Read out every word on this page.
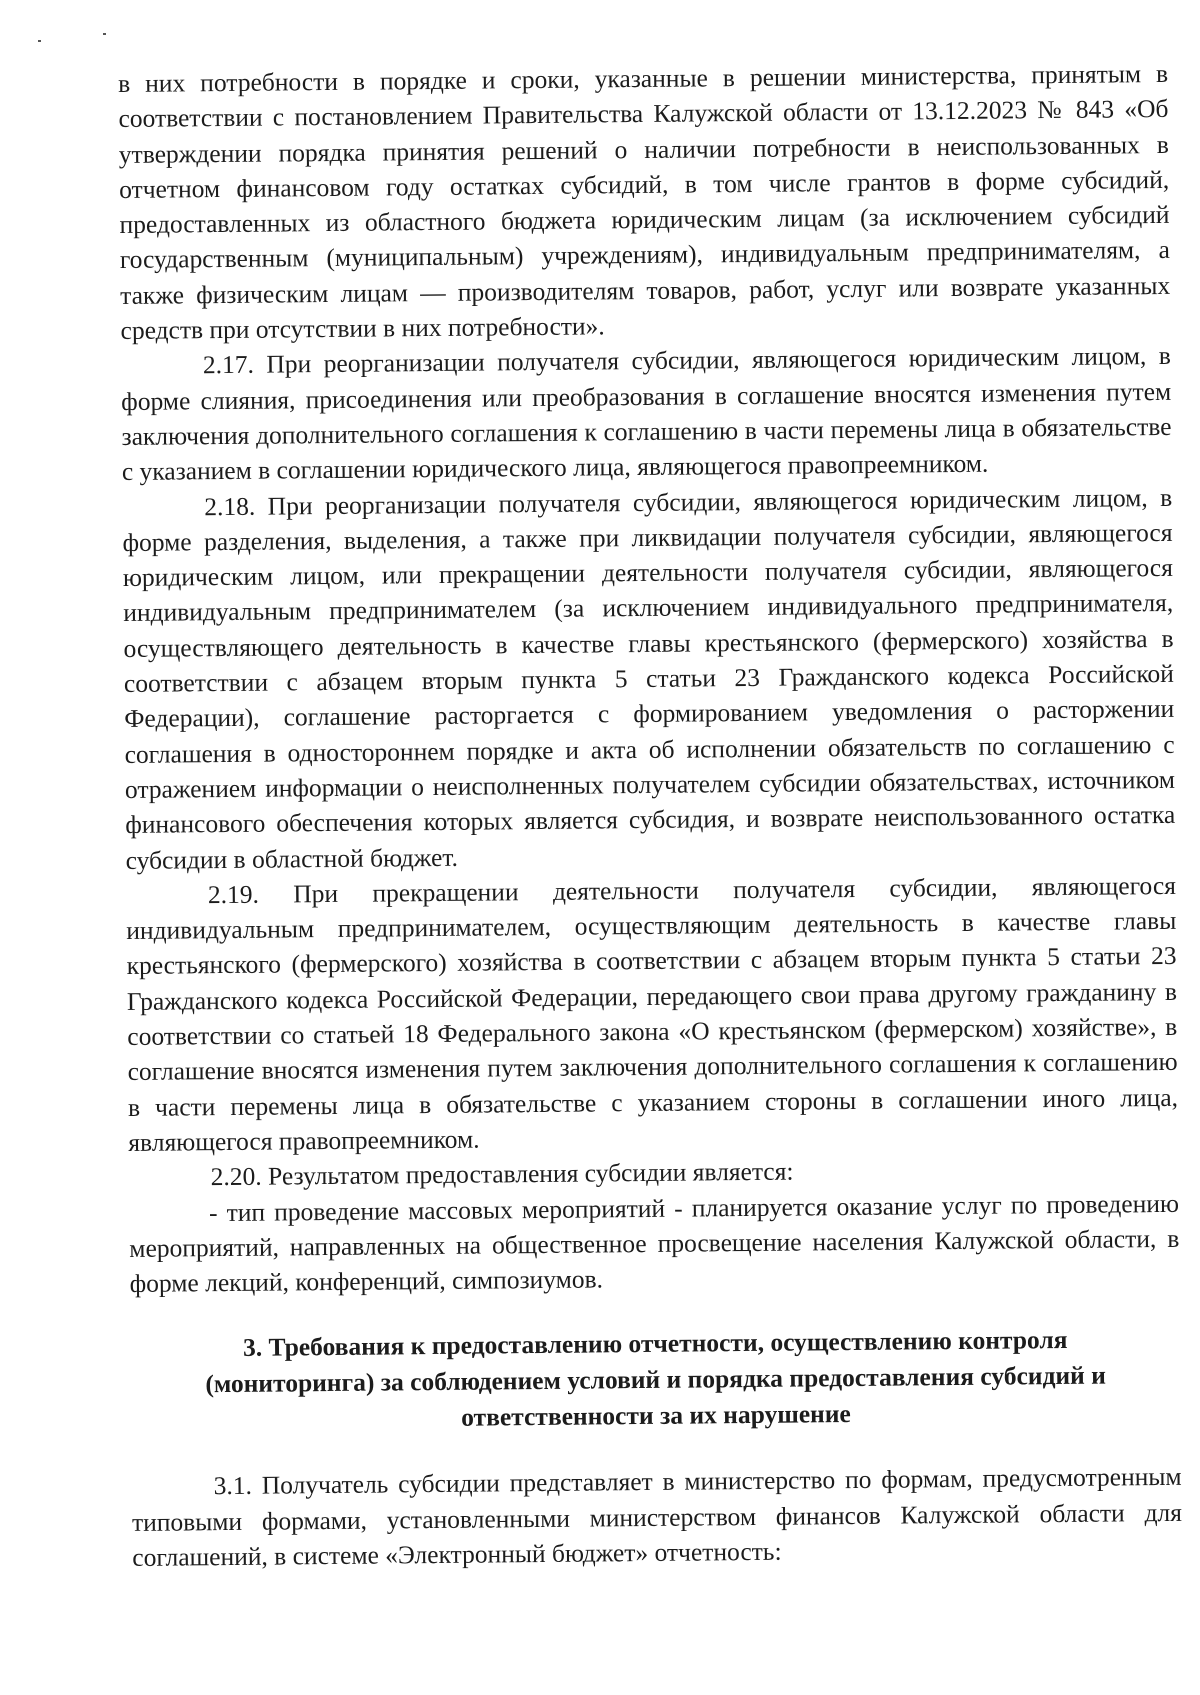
в них потребности в порядке и сроки, указанные в решении министерства, принятым в соответствии с постановлением Правительства Калужской области от 13.12.2023 № 843 «Об утверждении порядка принятия решений о наличии потребности в неиспользованных в отчетном финансовом году остатках субсидий, в том числе грантов в форме субсидий, предоставленных из областного бюджета юридическим лицам (за исключением субсидий государственным (муниципальным) учреждениям), индивидуальным предпринимателям, а также физическим лицам — производителям товаров, работ, услуг или возврате указанных средств при отсутствии в них потребности».

2.17. При реорганизации получателя субсидии, являющегося юридическим лицом, в форме слияния, присоединения или преобразования в соглашение вносятся изменения путем заключения дополнительного соглашения к соглашению в части перемены лица в обязательстве с указанием в соглашении юридического лица, являющегося правопреемником.

2.18. При реорганизации получателя субсидии, являющегося юридическим лицом, в форме разделения, выделения, а также при ликвидации получателя субсидии, являющегося юридическим лицом, или прекращении деятельности получателя субсидии, являющегося индивидуальным предпринимателем (за исключением индивидуального предпринимателя, осуществляющего деятельность в качестве главы крестьянского (фермерского) хозяйства в соответствии с абзацем вторым пункта 5 статьи 23 Гражданского кодекса Российской Федерации), соглашение расторгается с формированием уведомления о расторжении соглашения в одностороннем порядке и акта об исполнении обязательств по соглашению с отражением информации о неисполненных получателем субсидии обязательствах, источником финансового обеспечения которых является субсидия, и возврате неиспользованного остатка субсидии в областной бюджет.

2.19. При прекращении деятельности получателя субсидии, являющегося индивидуальным предпринимателем, осуществляющим деятельность в качестве главы крестьянского (фермерского) хозяйства в соответствии с абзацем вторым пункта 5 статьи 23 Гражданского кодекса Российской Федерации, передающего свои права другому гражданину в соответствии со статьей 18 Федерального закона «О крестьянском (фермерском) хозяйстве», в соглашение вносятся изменения путем заключения дополнительного соглашения к соглашению в части перемены лица в обязательстве с указанием стороны в соглашении иного лица, являющегося правопреемником.

2.20. Результатом предоставления субсидии является:

- тип проведение массовых мероприятий - планируется оказание услуг по проведению мероприятий, направленных на общественное просвещение населения Калужской области, в форме лекций, конференций, симпозиумов.

3. Требования к предоставлению отчетности, осуществлению контроля
(мониторинга) за соблюдением условий и порядка предоставления субсидий и
ответственности за их нарушение

3.1. Получатель субсидии представляет в министерство по формам, предусмотренным типовыми формами, установленными министерством финансов Калужской области для соглашений, в системе «Электронный бюджет» отчетность:
